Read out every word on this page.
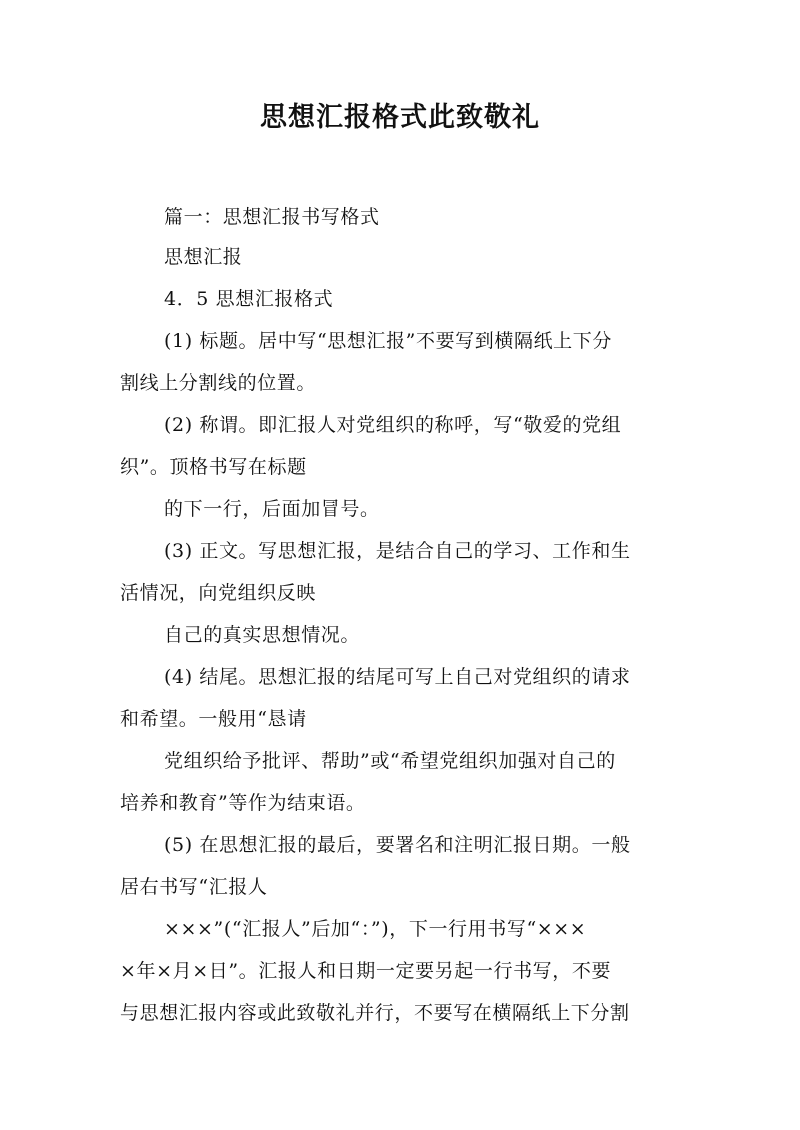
思想汇报格式此致敬礼
篇一：思想汇报书写格式
思想汇报
4．5 思想汇报格式
(1) 标题。居中写“思想汇报”不要写到横隔纸上下分
割线上分割线的位置。
(2) 称谓。即汇报人对党组织的称呼，写“敬爱的党组
织”。顶格书写在标题
的下一行，后面加冒号。
(3) 正文。写思想汇报，是结合自己的学习、工作和生
活情况，向党组织反映
自己的真实思想情况。
(4) 结尾。思想汇报的结尾可写上自己对党组织的请求
和希望。一般用“恳请
党组织给予批评、帮助”或“希望党组织加强对自己的
培养和教育”等作为结束语。
(5) 在思想汇报的最后，要署名和注明汇报日期。一般
居右书写“汇报人
×××”(“汇报人”后加“：”)，下一行用书写“×××
×年×月×日”。汇报人和日期一定要另起一行书写，不要
与思想汇报内容或此致敬礼并行，不要写在横隔纸上下分割
